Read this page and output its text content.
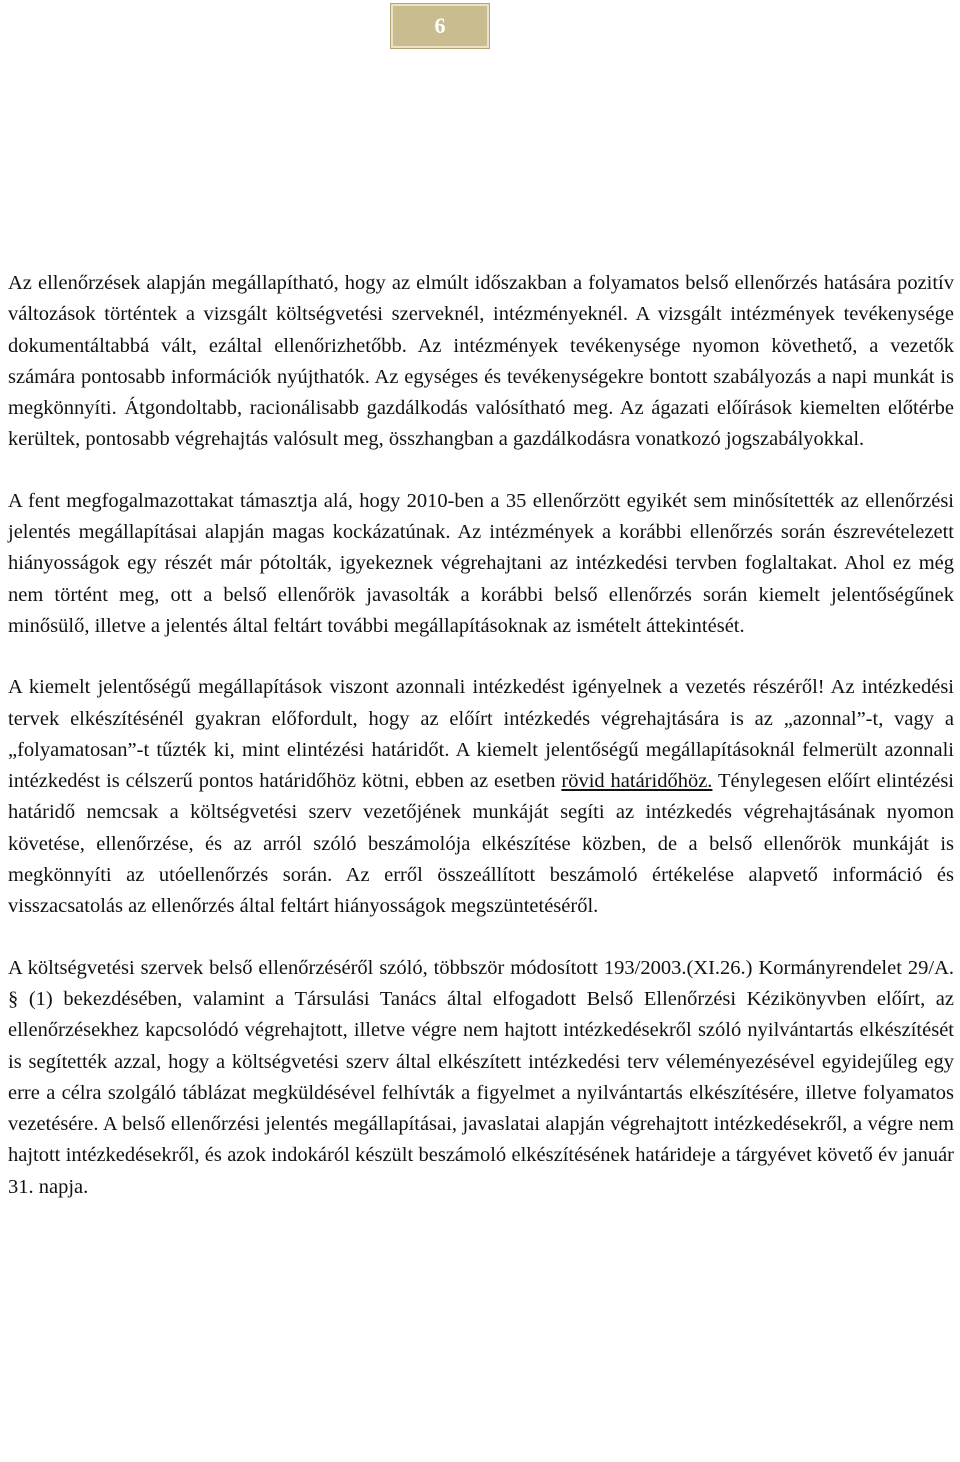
6

Az ellenőrzések alapján megállapítható, hogy az elmúlt időszakban a folyamatos belső ellenőrzés hatására pozitív változások történtek a vizsgált költségvetési szerveknél, intézményeknél. A vizsgált intézmények tevékenysége dokumentáltabbá vált, ezáltal ellenőrizhetőbb. Az intézmények tevékenysége nyomon követhető, a vezetők számára pontosabb információk nyújthatók. Az egységes és tevékenységekre bontott szabályozás a napi munkát is megkönnyíti. Átgondoltabb, racionálisabb gazdálkodás valósítható meg. Az ágazati előírások kiemelten előtérbe kerültek, pontosabb végrehajtás valósult meg, összhangban a gazdálkodásra vonatkozó jogszabályokkal.

A fent megfogalmazottakat támasztja alá, hogy 2010-ben a 35 ellenőrzött egyikét sem minősítették az ellenőrzési jelentés megállapításai alapján magas kockázatúnak. Az intézmények a korábbi ellenőrzés során észrevételezett hiányosságok egy részét már pótolták, igyekeznek végrehajtani az intézkedési tervben foglaltakat. Ahol ez még nem történt meg, ott a belső ellenőrök javasolták a korábbi belső ellenőrzés során kiemelt jelentőségűnek minősülő, illetve a jelentés által feltárt további megállapításoknak az ismételt áttekintését.

A kiemelt jelentőségű megállapítások viszont azonnali intézkedést igényelnek a vezetés részéről! Az intézkedési tervek elkészítésénél gyakran előfordult, hogy az előírt intézkedés végrehajtására is az „azonnal”-t, vagy a „folyamatosan”-t tűzték ki, mint elintézési határidőt. A kiemelt jelentőségű megállapításoknál felmerült azonnali intézkedést is célszerű pontos határidőhöz kötni, ebben az esetben rövid határidőhöz. Ténylegesen előírt elintézési határidő nemcsak a költségvetési szerv vezetőjének munkáját segíti az intézkedés végrehajtásának nyomon követése, ellenőrzése, és az arról szóló beszámolója elkészítése közben, de a belső ellenőrök munkáját is megkönnyíti az utóellenőrzés során. Az erről összeállított beszámoló értékelése alapvető információ és visszacsatolás az ellenőrzés által feltárt hiányosságok megszüntetéséről.

A költségvetési szervek belső ellenőrzéséről szóló, többször módosított 193/2003.(XI.26.) Kormányrendelet 29/A. § (1) bekezdésében, valamint a Társulási Tanács által elfogadott Belső Ellenőrzési Kézikönyvben előírt, az ellenőrzésekhez kapcsolódó végrehajtott, illetve végre nem hajtott intézkedésekről szóló nyilvántartás elkészítését is segítették azzal, hogy a költségvetési szerv által elkészített intézkedési terv véleményezésével egyidejűleg egy erre a célra szolgáló táblázat megküldésével felhívták a figyelmet a nyilvántartás elkészítésére, illetve folyamatos vezetésére. A belső ellenőrzési jelentés megállapításai, javaslatai alapján végrehajtott intézkedésekről, a végre nem hajtott intézkedésekről, és azok indokáról készült beszámoló elkészítésének határideje a tárgyévet követő év január 31. napja.
